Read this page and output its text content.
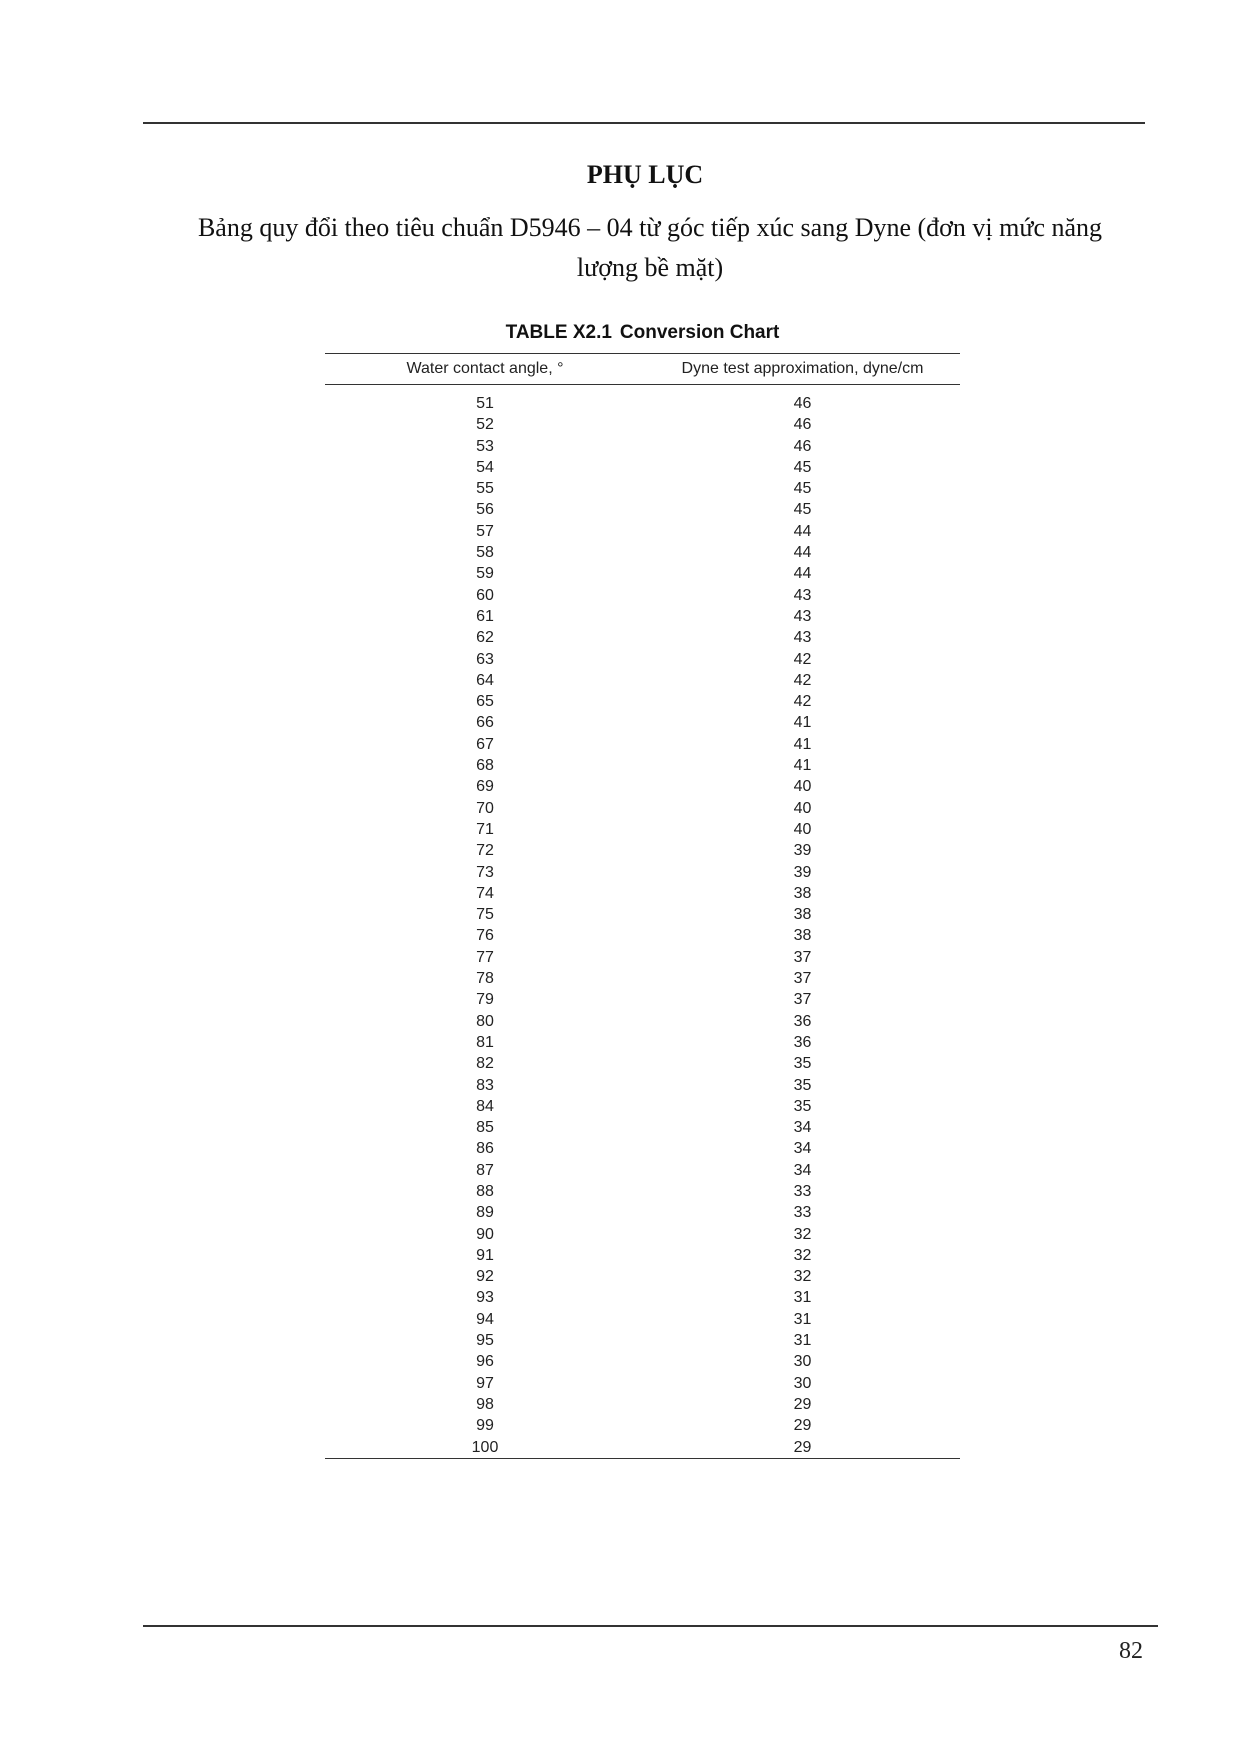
PHỤ LỤC
Bảng quy đổi theo tiêu chuẩn D5946 – 04 từ góc tiếp xúc sang Dyne (đơn vị mức năng lượng bề mặt)
TABLE X2.1 Conversion Chart
Water contact angle, °	Dyne test approximation, dyne/cm

51	46
52	46
53	46
54	45
55	45
56	45
57	44
58	44
59	44
60	43
61	43
62	43
63	42
64	42
65	42
66	41
67	41
68	41
69	40
70	40
71	40
72	39
73	39
74	38
75	38
76	38
77	37
78	37
79	37
80	36
81	36
82	35
83	35
84	35
85	34
86	34
87	34
88	33
89	33
90	32
91	32
92	32
93	31
94	31
95	31
96	30
97	30
98	29
99	29
100	29
82
